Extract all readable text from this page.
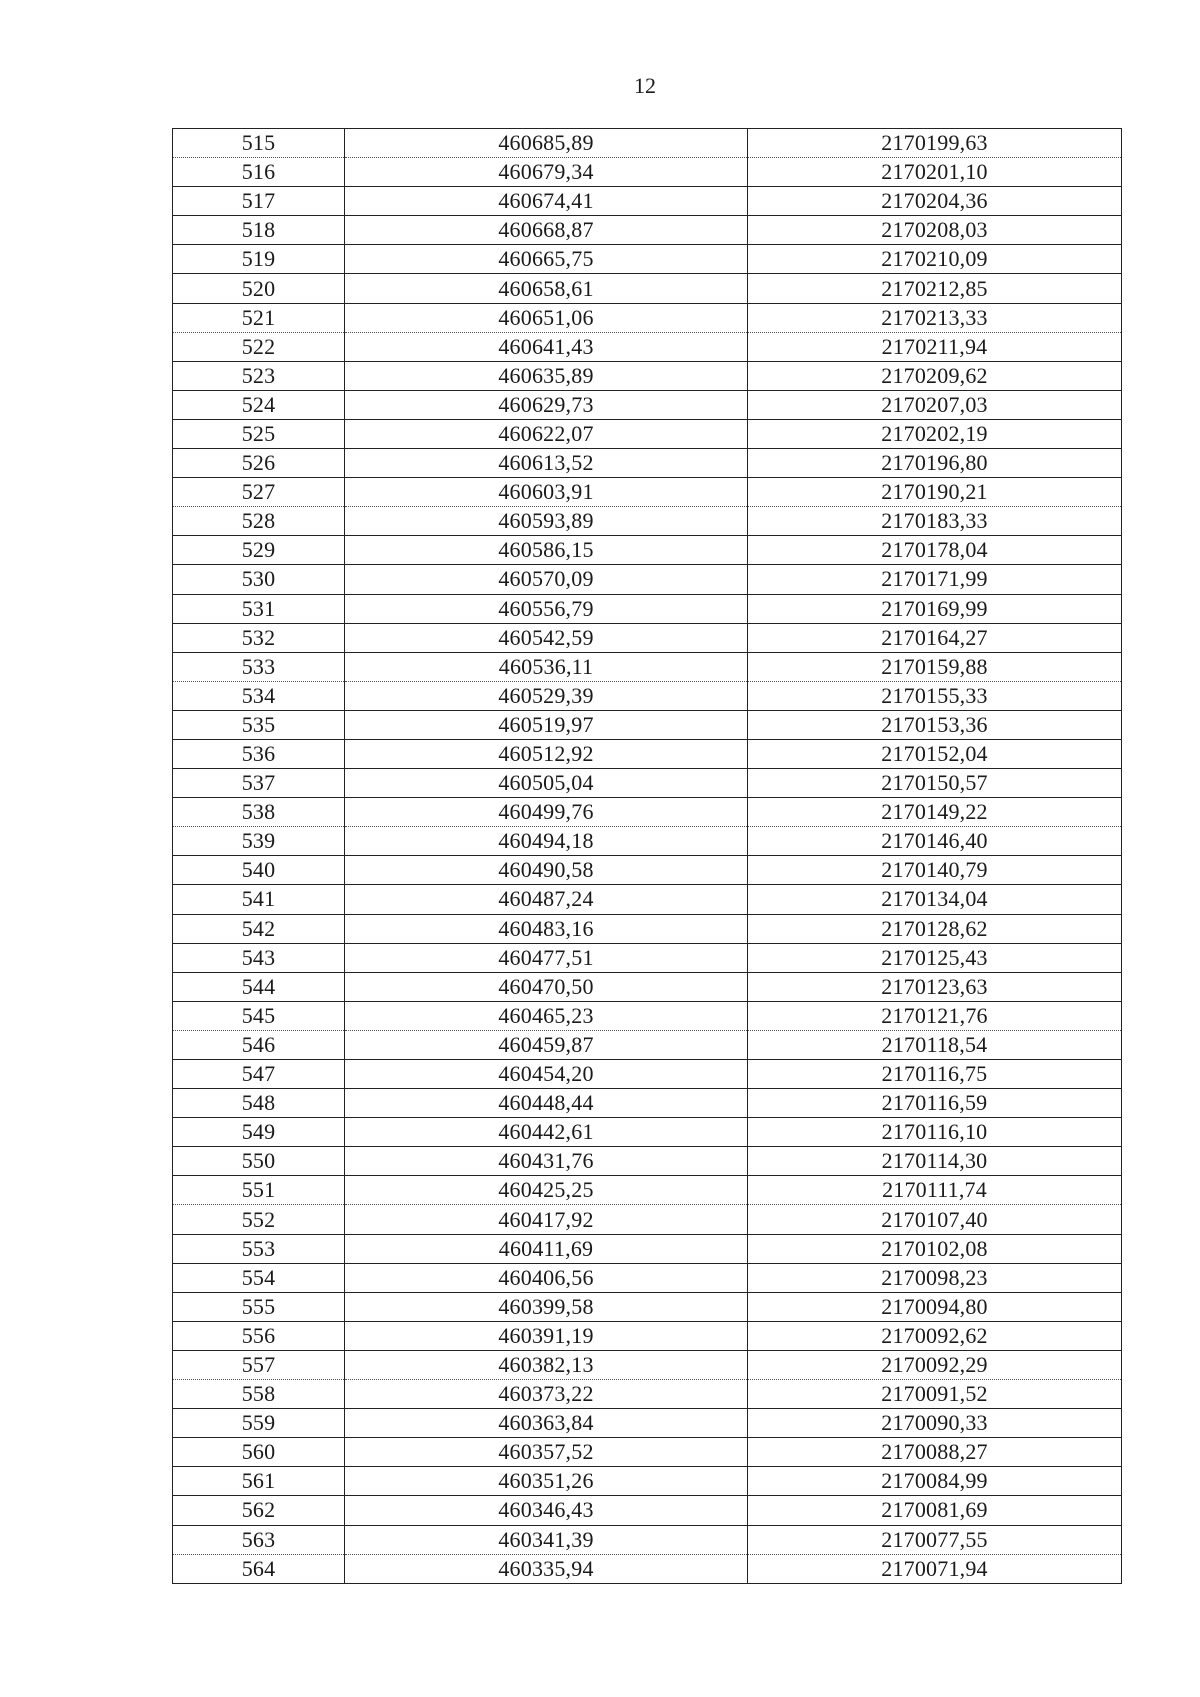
12
515	460685,89	2170199,63
516	460679,34	2170201,10
517	460674,41	2170204,36
518	460668,87	2170208,03
519	460665,75	2170210,09
520	460658,61	2170212,85
521	460651,06	2170213,33
522	460641,43	2170211,94
523	460635,89	2170209,62
524	460629,73	2170207,03
525	460622,07	2170202,19
526	460613,52	2170196,80
527	460603,91	2170190,21
528	460593,89	2170183,33
529	460586,15	2170178,04
530	460570,09	2170171,99
531	460556,79	2170169,99
532	460542,59	2170164,27
533	460536,11	2170159,88
534	460529,39	2170155,33
535	460519,97	2170153,36
536	460512,92	2170152,04
537	460505,04	2170150,57
538	460499,76	2170149,22
539	460494,18	2170146,40
540	460490,58	2170140,79
541	460487,24	2170134,04
542	460483,16	2170128,62
543	460477,51	2170125,43
544	460470,50	2170123,63
545	460465,23	2170121,76
546	460459,87	2170118,54
547	460454,20	2170116,75
548	460448,44	2170116,59
549	460442,61	2170116,10
550	460431,76	2170114,30
551	460425,25	2170111,74
552	460417,92	2170107,40
553	460411,69	2170102,08
554	460406,56	2170098,23
555	460399,58	2170094,80
556	460391,19	2170092,62
557	460382,13	2170092,29
558	460373,22	2170091,52
559	460363,84	2170090,33
560	460357,52	2170088,27
561	460351,26	2170084,99
562	460346,43	2170081,69
563	460341,39	2170077,55
564	460335,94	2170071,94
